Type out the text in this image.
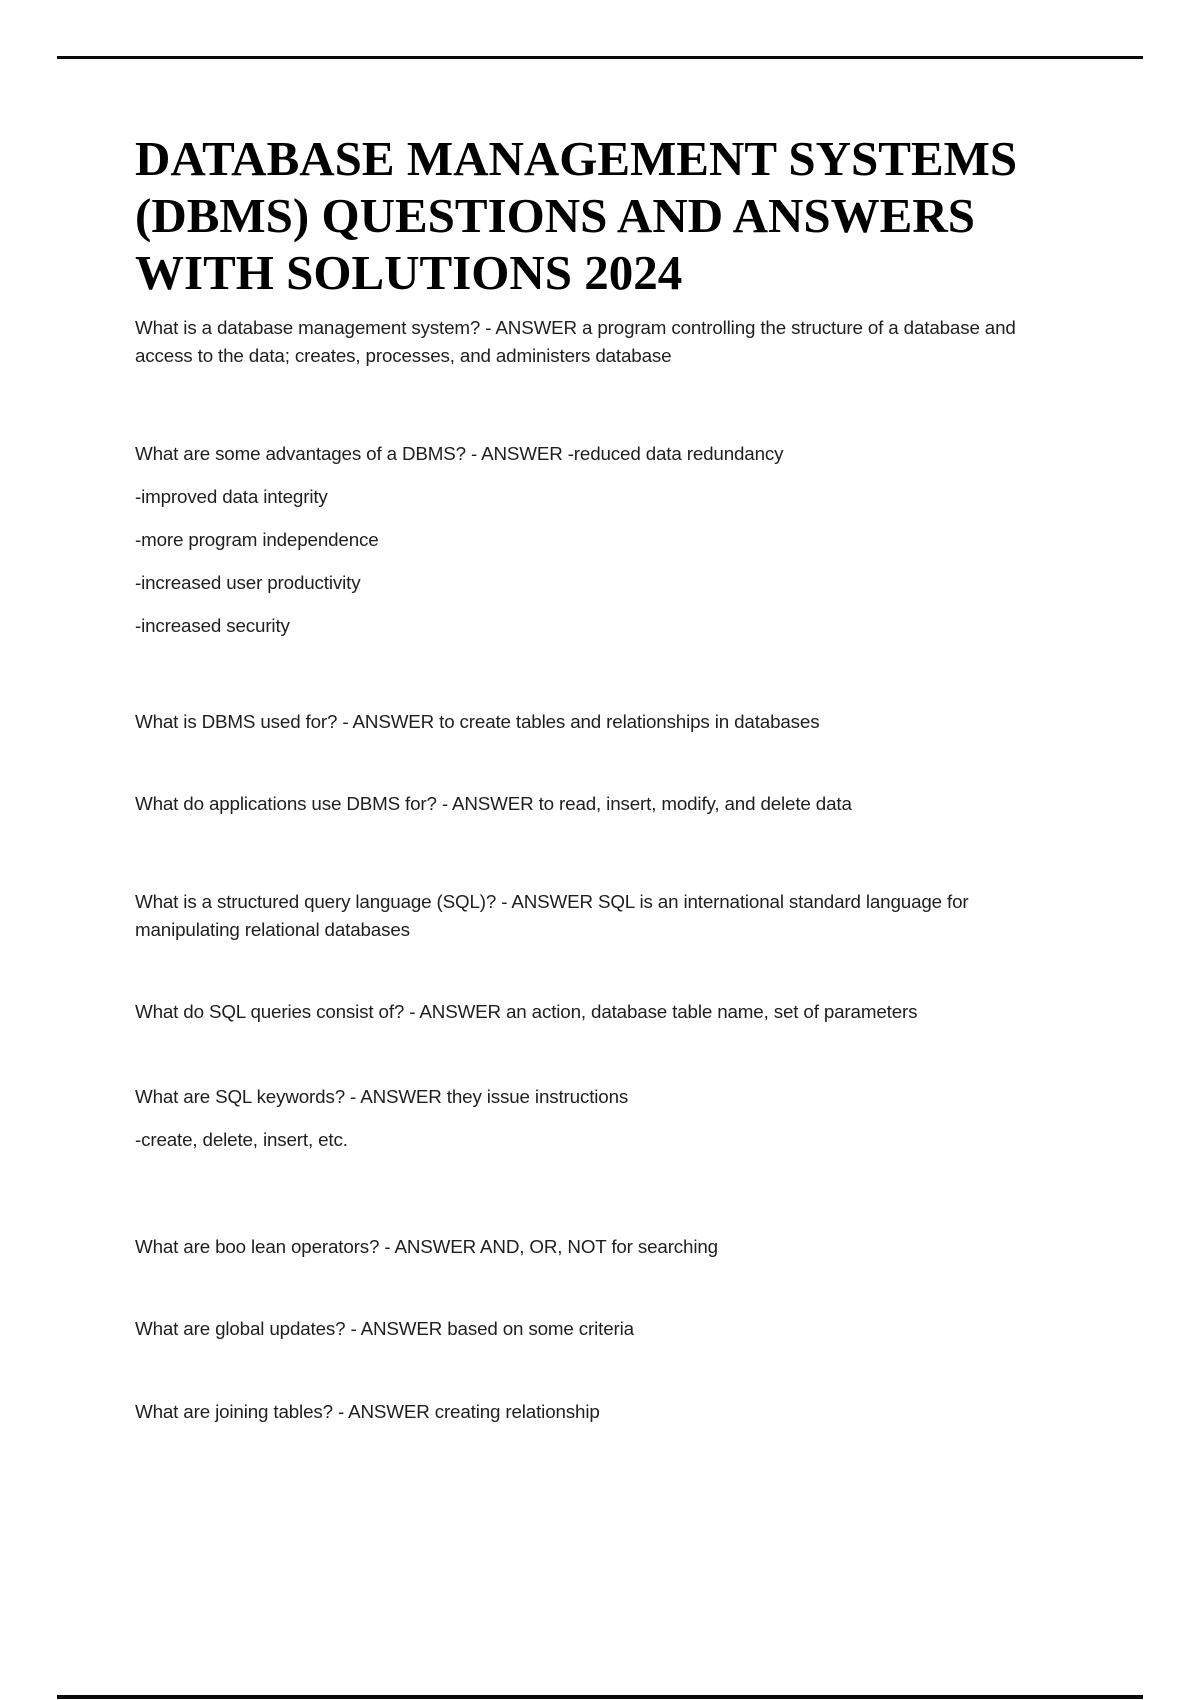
DATABASE MANAGEMENT SYSTEMS
(DBMS) QUESTIONS AND ANSWERS
WITH SOLUTIONS 2024

What is a database management system? - ANSWER a program controlling the structure of a database and access to the data; creates, processes, and administers database

What are some advantages of a DBMS? - ANSWER -reduced data redundancy

-improved data integrity

-more program independence

-increased user productivity

-increased security

What is DBMS used for? - ANSWER to create tables and relationships in databases

What do applications use DBMS for? - ANSWER to read, insert, modify, and delete data

What is a structured query language (SQL)? - ANSWER SQL is an international standard language for manipulating relational databases

What do SQL queries consist of? - ANSWER an action, database table name, set of parameters

What are SQL keywords? - ANSWER they issue instructions

-create, delete, insert, etc.

What are boo lean operators? - ANSWER AND, OR, NOT for searching

What are global updates? - ANSWER based on some criteria

What are joining tables? - ANSWER creating relationship
